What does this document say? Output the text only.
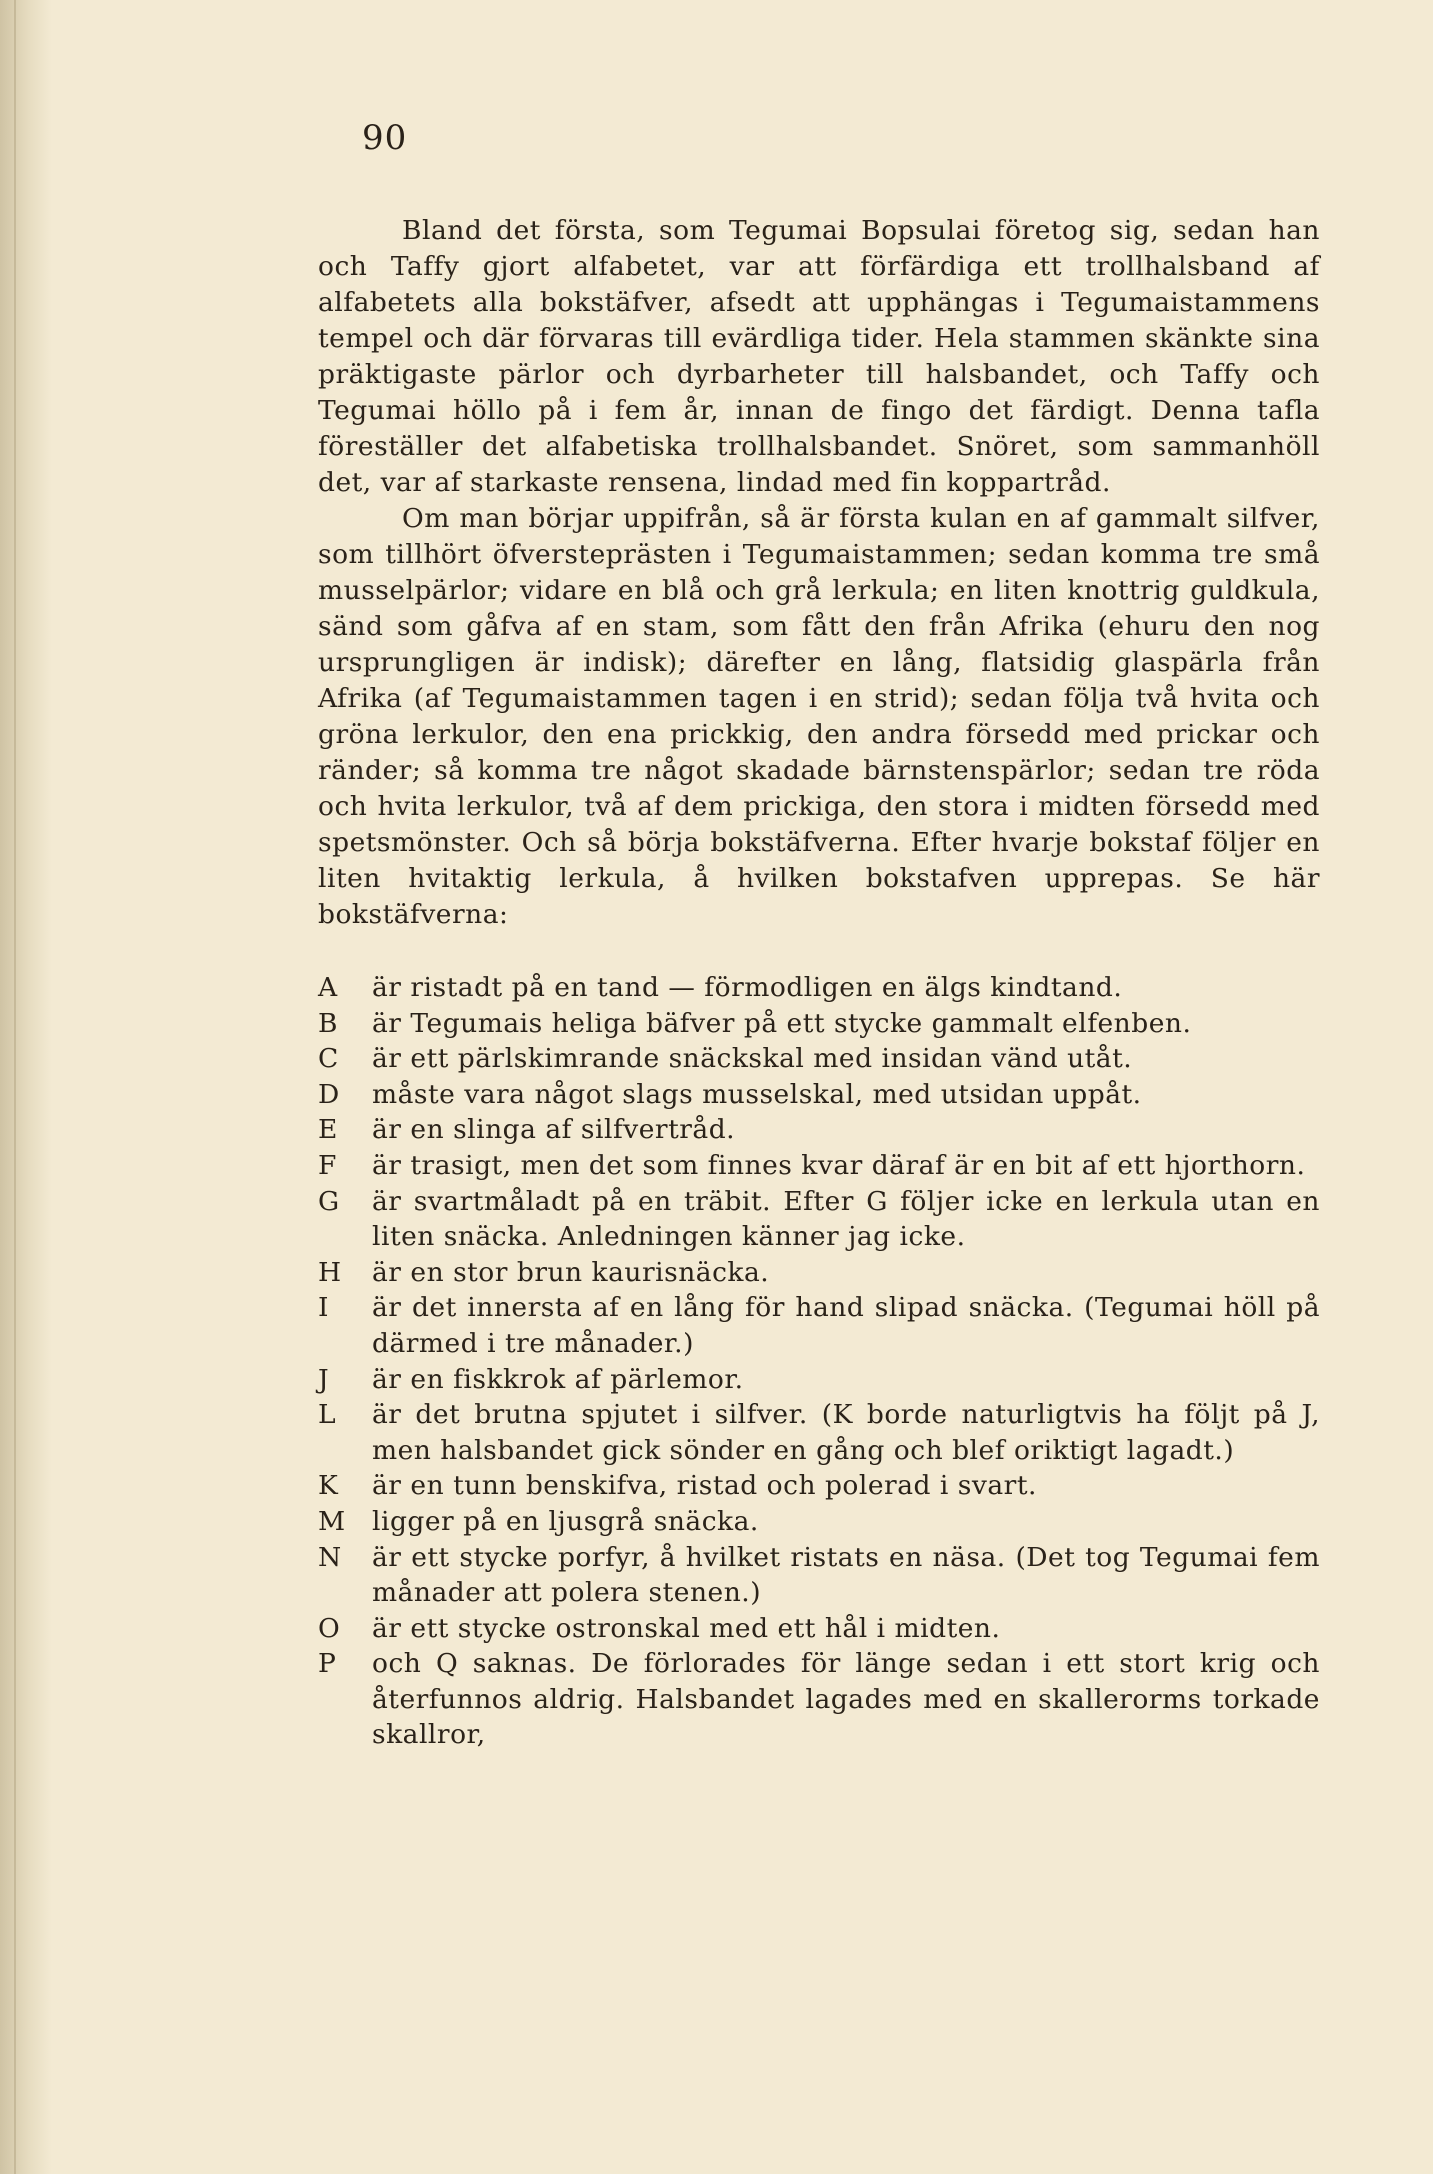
90

Bland det första, som Tegumai Bopsulai företog sig, sedan han och Taffy gjort alfabetet, var att förfärdiga ett trollhalsband af alfabetets alla bokstäfver, afsedt att upphängas i Tegumaistammens tempel och där förvaras till evärdliga tider. Hela stammen skänkte sina präktigaste pärlor och dyrbarheter till halsbandet, och Taffy och Tegumai höllo på i fem år, innan de fingo det färdigt. Denna tafla föreställer det alfabetiska trollhalsbandet. Snöret, som sammanhöll det, var af starkaste rensena, lindad med fin koppartråd.

Om man börjar uppifrån, så är första kulan en af gammalt silfver, som tillhört öfversteprästen i Tegumaistammen; sedan komma tre små musselpärlor; vidare en blå och grå lerkula; en liten knottrig guldkula, sänd som gåfva af en stam, som fått den från Afrika (ehuru den nog ursprungligen är indisk); därefter en lång, flatsidig glaspärla från Afrika (af Tegumaistammen tagen i en strid); sedan följa två hvita och gröna lerkulor, den ena prickkig, den andra försedd med prickar och ränder; så komma tre något skadade bärnstenspärlor; sedan tre röda och hvita lerkulor, två af dem prickiga, den stora i midten försedd med spetsmönster. Och så börja bokstäfverna. Efter hvarje bokstaf följer en liten hvitaktig lerkula, å hvilken bokstafven upprepas. Se här bokstäfverna:

A	är ristadt på en tand — förmodligen en älgs kindtand.
B	är Tegumais heliga bäfver på ett stycke gammalt elfenben.
C	är ett pärlskimrande snäckskal med insidan vänd utåt.
D	måste vara något slags musselskal, med utsidan uppåt.
E	är en slinga af silfvertråd.
F	är trasigt, men det som finnes kvar däraf är en bit af ett hjorthorn.
G	är svartmåladt på en träbit. Efter G följer icke en lerkula utan en liten snäcka. Anledningen känner jag icke.
H	är en stor brun kaurisnäcka.
I	är det innersta af en lång för hand slipad snäcka. (Tegumai höll på därmed i tre månader.)
J	är en fiskkrok af pärlemor.
L	är det brutna spjutet i silfver. (K borde naturligtvis ha följt på J, men halsbandet gick sönder en gång och blef oriktigt lagadt.)
K	är en tunn benskifva, ristad och polerad i svart.
M ligger på en ljusgrå snäcka.
N	är ett stycke porfyr, å hvilket ristats en näsa. (Det tog Tegumai fem månader att polera stenen.)
O	är ett stycke ostronskal med ett hål i midten.
P	och Q saknas. De förlorades för länge sedan i ett stort krig och återfunnos aldrig. Halsbandet lagades med en skallerorms torkade skallror,
